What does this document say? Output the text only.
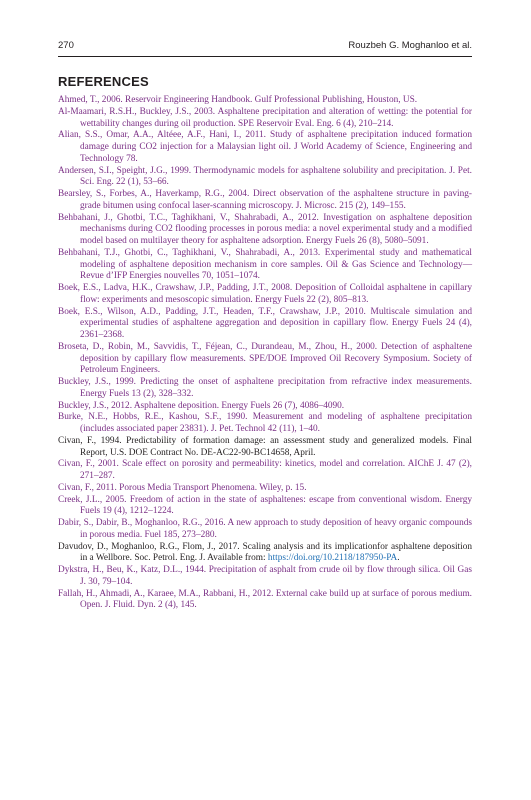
270	Rouzbeh G. Moghanloo et al.
REFERENCES

Ahmed, T., 2006. Reservoir Engineering Handbook. Gulf Professional Publishing, Houston, US.

Al-Maamari, R.S.H., Buckley, J.S., 2003. Asphaltene precipitation and alteration of wetting: the potential for wettability changes during oil production. SPE Reservoir Eval. Eng. 6 (4), 210–214.

Alian, S.S., Omar, A.A., Altéee, A.F., Hani, I., 2011. Study of asphaltene precipitation induced formation damage during CO2 injection for a Malaysian light oil. J World Academy of Science, Engineering and Technology 78.

Andersen, S.I., Speight, J.G., 1999. Thermodynamic models for asphaltene solubility and precipitation. J. Pet. Sci. Eng. 22 (1), 53–66.

Bearsley, S., Forbes, A., Haverkamp, R.G., 2004. Direct observation of the asphaltene structure in paving-grade bitumen using confocal laser-scanning microscopy. J. Microsc. 215 (2), 149–155.

Behbahani, J., Ghotbi, T.C., Taghikhani, V., Shahrabadi, A., 2012. Investigation on asphaltene deposition mechanisms during CO2 flooding processes in porous media: a novel experimental study and a modified model based on multilayer theory for asphaltene adsorption. Energy Fuels 26 (8), 5080–5091.

Behbahani, T.J., Ghotbi, C., Taghikhani, V., Shahrabadi, A., 2013. Experimental study and mathematical modeling of asphaltene deposition mechanism in core samples. Oil & Gas Science and Technology—Revue d’IFP Energies nouvelles 70, 1051–1074.

Boek, E.S., Ladva, H.K., Crawshaw, J.P., Padding, J.T., 2008. Deposition of Colloidal asphaltene in capillary flow: experiments and mesoscopic simulation. Energy Fuels 22 (2), 805–813.

Boek, E.S., Wilson, A.D., Padding, J.T., Headen, T.F., Crawshaw, J.P., 2010. Multiscale simulation and experimental studies of asphaltene aggregation and deposition in capillary flow. Energy Fuels 24 (4), 2361–2368.

Broseta, D., Robin, M., Savvidis, T., Féjean, C., Durandeau, M., Zhou, H., 2000. Detection of asphaltene deposition by capillary flow measurements. SPE/DOE Improved Oil Recovery Symposium. Society of Petroleum Engineers.

Buckley, J.S., 1999. Predicting the onset of asphaltene precipitation from refractive index measurements. Energy Fuels 13 (2), 328–332.

Buckley, J.S., 2012. Asphaltene deposition. Energy Fuels 26 (7), 4086–4090.

Burke, N.E., Hobbs, R.E., Kashou, S.F., 1990. Measurement and modeling of asphaltene precipitation (includes associated paper 23831). J. Pet. Technol 42 (11), 1–40.

Civan, F., 1994. Predictability of formation damage: an assessment study and generalized models. Final Report, U.S. DOE Contract No. DE-AC22-90-BC14658, April.

Civan, F., 2001. Scale effect on porosity and permeability: kinetics, model and correlation. AIChE J. 47 (2), 271–287.

Civan, F., 2011. Porous Media Transport Phenomena. Wiley, p. 15.

Creek, J.L., 2005. Freedom of action in the state of asphaltenes: escape from conventional wisdom. Energy Fuels 19 (4), 1212–1224.

Dabir, S., Dabir, B., Moghanloo, R.G., 2016. A new approach to study deposition of heavy organic compounds in porous media. Fuel 185, 273–280.

Davudov, D., Moghanloo, R.G., Flom, J., 2017. Scaling analysis and its implicationfor asphaltene deposition in a Wellbore. Soc. Petrol. Eng. J. Available from: https://doi.org/10.2118/187950-PA.

Dykstra, H., Beu, K., Katz, D.L., 1944. Precipitation of asphalt from crude oil by flow through silica. Oil Gas J. 30, 79–104.

Fallah, H., Ahmadi, A., Karaee, M.A., Rabbani, H., 2012. External cake build up at surface of porous medium. Open. J. Fluid. Dyn. 2 (4), 145.
